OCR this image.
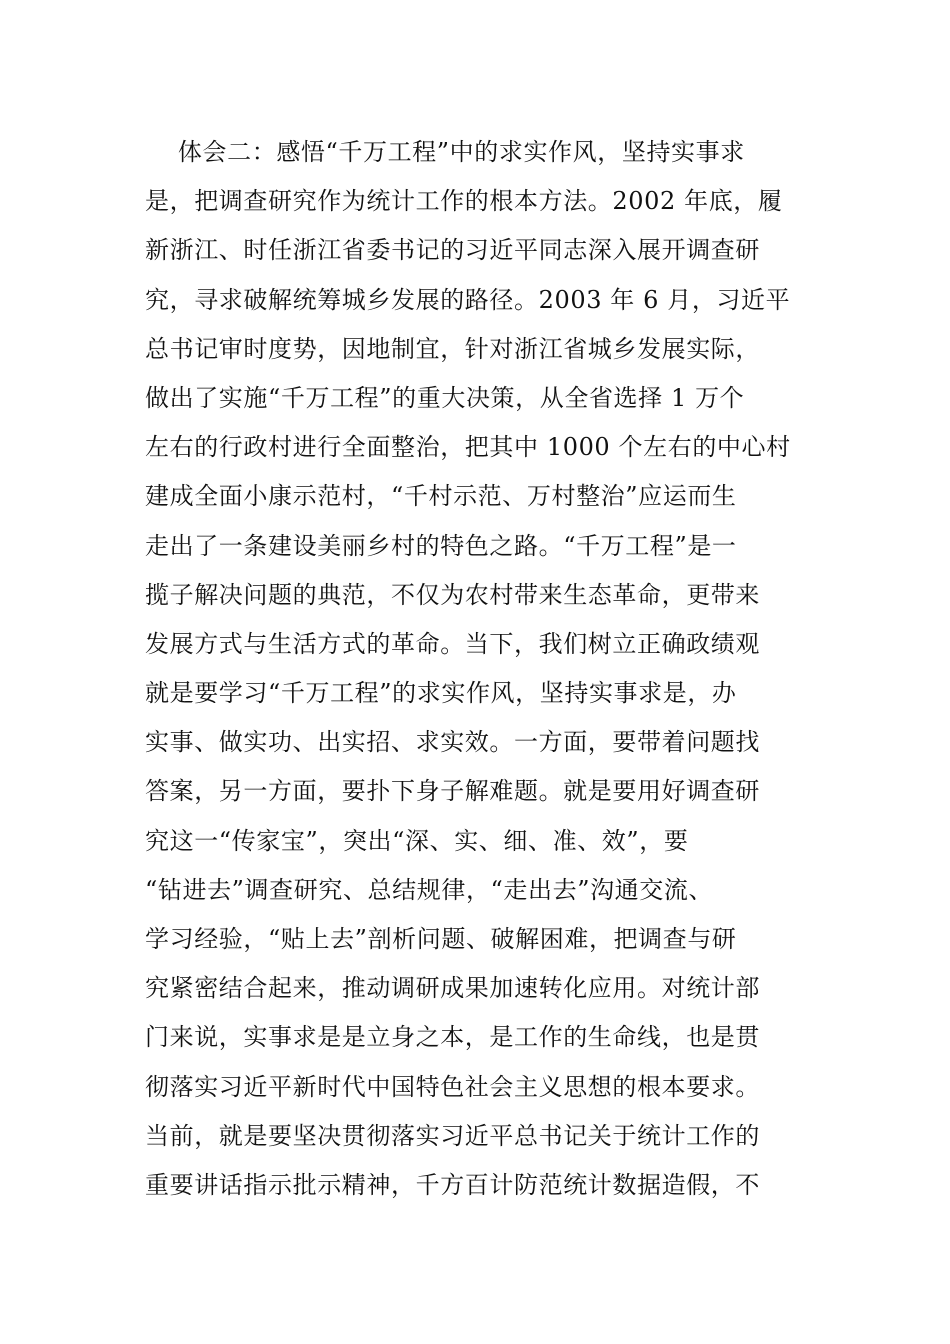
体会二：感悟“千万工程”中的求实作风，坚持实事求
是，把调查研究作为统计工作的根本方法。2002 年底，履
新浙江、时任浙江省委书记的习近平同志深入展开调查研
究，寻求破解统筹城乡发展的路径。2003 年 6 月，习近平
总书记审时度势，因地制宜，针对浙江省城乡发展实际，
做出了实施“千万工程”的重大决策，从全省选择 1 万个
左右的行政村进行全面整治，把其中 1000 个左右的中心村
建成全面小康示范村，“千村示范、万村整治”应运而生
走出了一条建设美丽乡村的特色之路。“千万工程”是一
揽子解决问题的典范，不仅为农村带来生态革命，更带来
发展方式与生活方式的革命。当下，我们树立正确政绩观
就是要学习“千万工程”的求实作风，坚持实事求是，办
实事、做实功、出实招、求实效。一方面，要带着问题找
答案，另一方面，要扑下身子解难题。就是要用好调查研
究这一“传家宝”，突出“深、实、细、准、效”，要
“钻进去”调查研究、总结规律，“走出去”沟通交流、
学习经验，“贴上去”剖析问题、破解困难，把调查与研
究紧密结合起来，推动调研成果加速转化应用。对统计部
门来说，实事求是是立身之本，是工作的生命线，也是贯
彻落实习近平新时代中国特色社会主义思想的根本要求。
当前，就是要坚决贯彻落实习近平总书记关于统计工作的
重要讲话指示批示精神，千方百计防范统计数据造假，不
